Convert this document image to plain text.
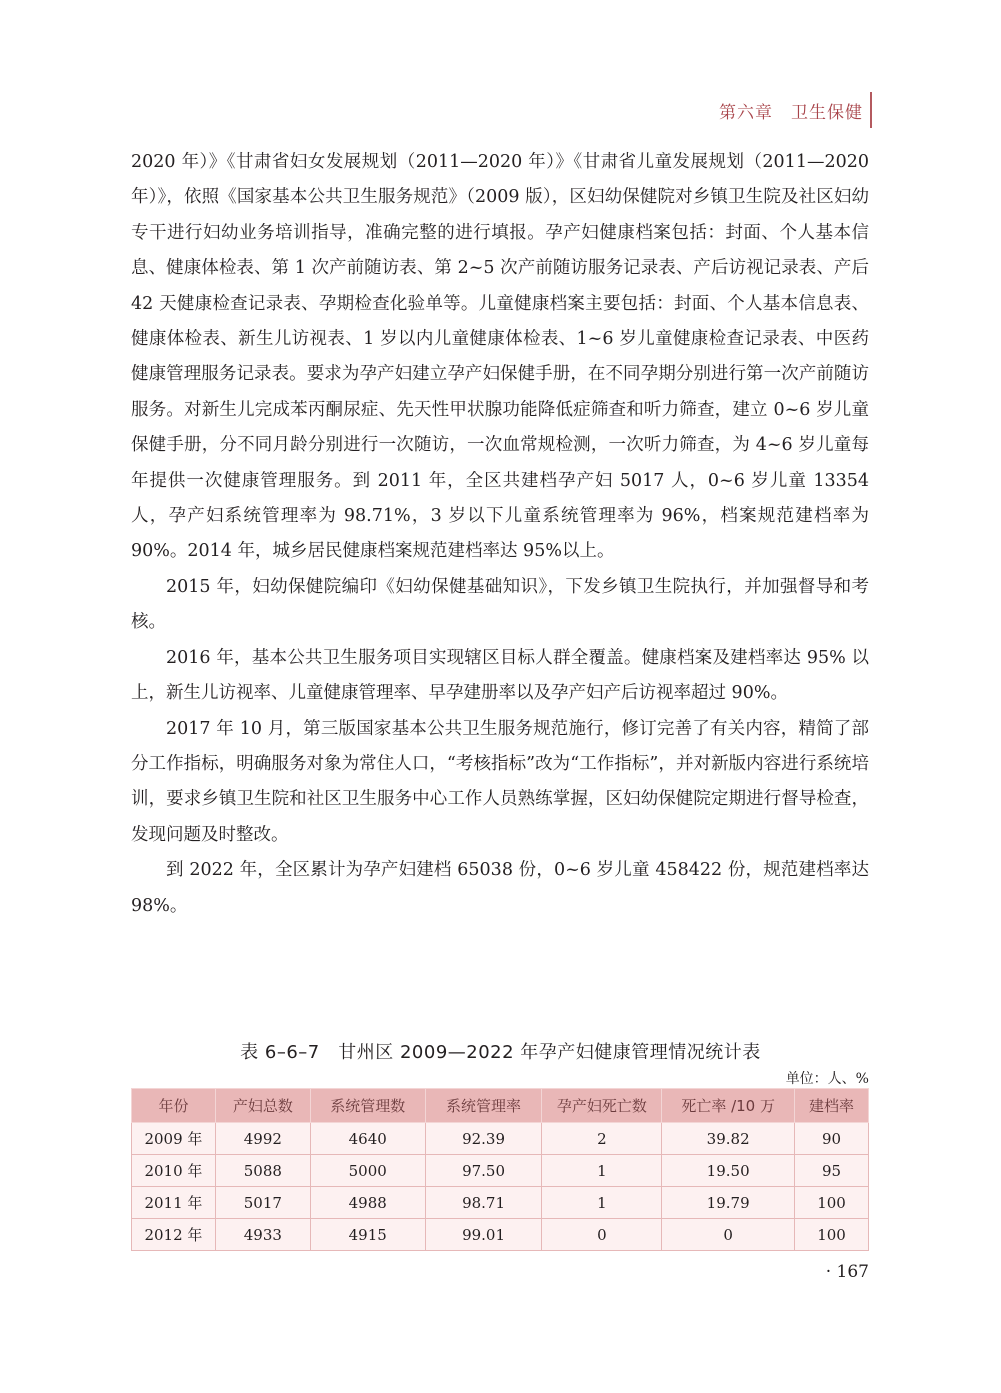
第六章　卫生保健

2020 年）》《甘肃省妇女发展规划（2011—2020 年）》《甘肃省儿童发展规划（2011—2020 年）》，依照《国家基本公共卫生服务规范》（2009 版），区妇幼保健院对乡镇卫生院及社区妇幼专干进行妇幼业务培训指导，准确完整的进行填报。孕产妇健康档案包括：封面、个人基本信息、健康体检表、第 1 次产前随访表、第 2~5 次产前随访服务记录表、产后访视记录表、产后 42 天健康检查记录表、孕期检查化验单等。儿童健康档案主要包括：封面、个人基本信息表、健康体检表、新生儿访视表、1 岁以内儿童健康体检表、1~6 岁儿童健康检查记录表、中医药健康管理服务记录表。要求为孕产妇建立孕产妇保健手册，在不同孕期分别进行第一次产前随访服务。对新生儿完成苯丙酮尿症、先天性甲状腺功能降低症筛查和听力筛查，建立 0~6 岁儿童保健手册，分不同月龄分别进行一次随访，一次血常规检测，一次听力筛查，为 4~6 岁儿童每年提供一次健康管理服务。到 2011 年，全区共建档孕产妇 5017 人，0~6 岁儿童 13354 人，孕产妇系统管理率为 98.71%，3 岁以下儿童系统管理率为 96%，档案规范建档率为 90%。2014 年，城乡居民健康档案规范建档率达 95%以上。

2015 年，妇幼保健院编印《妇幼保健基础知识》，下发乡镇卫生院执行，并加强督导和考核。

2016 年，基本公共卫生服务项目实现辖区目标人群全覆盖。健康档案及建档率达 95% 以上，新生儿访视率、儿童健康管理率、早孕建册率以及孕产妇产后访视率超过 90%。

2017 年 10 月，第三版国家基本公共卫生服务规范施行，修订完善了有关内容，精简了部分工作指标，明确服务对象为常住人口，“考核指标”改为“工作指标”，并对新版内容进行系统培训，要求乡镇卫生院和社区卫生服务中心工作人员熟练掌握，区妇幼保健院定期进行督导检查，发现问题及时整改。

到 2022 年，全区累计为孕产妇建档 65038 份，0~6 岁儿童 458422 份，规范建档率达 98%。

表 6–6–7　甘州区 2009—2022 年孕产妇健康管理情况统计表
单位：人、%
年份	产妇总数	系统管理数	系统管理率	孕产妇死亡数	死亡率 /10 万	建档率
2009 年	4992	4640	92.39	2	39.82	90
2010 年	5088	5000	97.50	1	19.50	95
2011 年	5017	4988	98.71	1	19.79	100
2012 年	4933	4915	99.01	0	0	100
· 167
